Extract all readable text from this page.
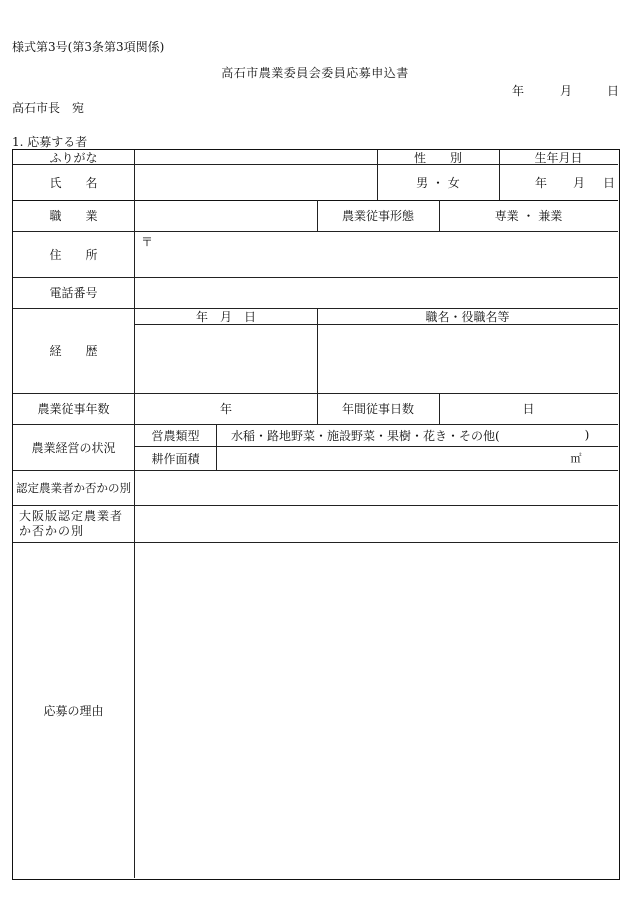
様式第3号(第3条第3項関係)
高石市農業委員会委員応募申込書
年	月	日
高石市長　宛
1. 応募する者
ふりがな	性　　別	生年月日
氏　　名	男 ・ 女	年	月	日
職　　業	農業従事形態	専業 ・ 兼業
住　　所
〒
電話番号
経　　歴
年　月　日	職名・役職名等
農業従事年数	年	年間従事日数	日
農業経営の状況
営農類型	水稲・路地野菜・施設野菜・果樹・花き・その他(	)
耕作面積	㎡
認定農業者か否かの別
大阪版認定農業者か否かの別
応募の理由
